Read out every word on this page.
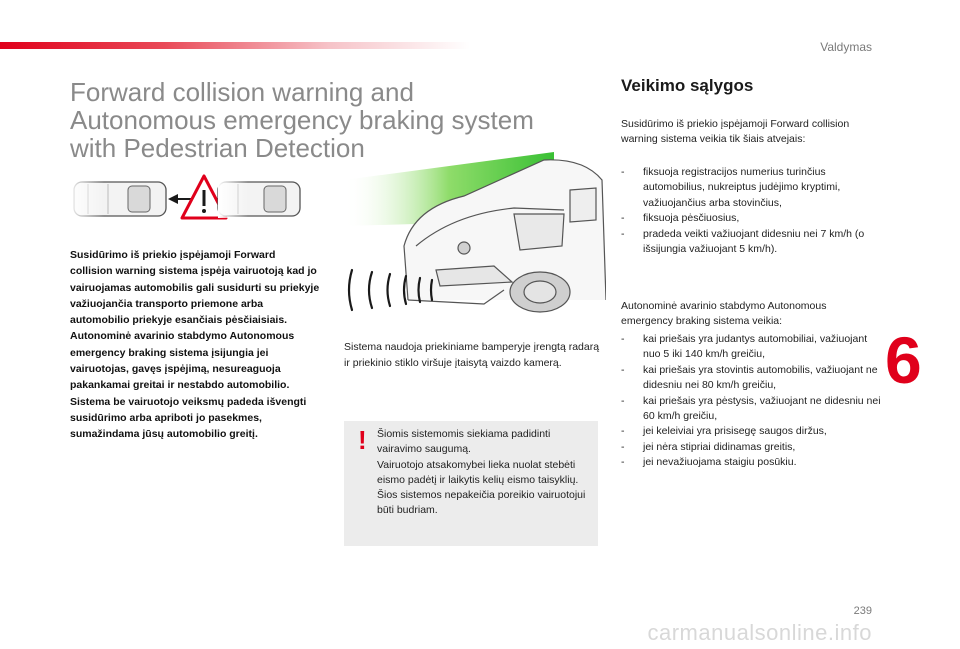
Valdymas
Forward collision warning and
Autonomous emergency braking system
with Pedestrian Detection

Susidūrimo iš priekio įspėjamoji Forward collision warning sistema įspėja vairuotoją kad jo vairuojamas automobilis gali susidurti su priekyje važiuojančia transporto priemone arba automobilio priekyje esančiais pėsčiaisiais.

Autonominė avarinio stabdymo Autonomous emergency braking sistema įsijungia jei vairuotojas, gavęs įspėjimą, nesureaguoja pakankamai greitai ir nestabdo automobilio.

Sistema be vairuotojo veiksmų padeda išvengti susidūrimo arba apriboti jo pasekmes, sumažindama jūsų automobilio greitį.

Sistema naudoja priekiniame bamperyje įrengtą radarą ir priekinio stiklo viršuje įtaisytą vaizdo kamerą.
! Šiomis sistemomis siekiama padidinti vairavimo saugumą.

Vairuotojo atsakomybei lieka nuolat stebėti eismo padėtį ir laikytis kelių eismo taisyklių.

Šios sistemos nepakeičia poreikio vairuotojui būti budriam.

Veikimo sąlygos

Susidūrimo iš priekio įspėjamoji Forward collision warning sistema veikia tik šiais atvejais:

- fiksuoja registracijos numerius turinčius automobilius, nukreiptus judėjimo kryptimi, važiuojančius arba stovinčius,
- fiksuoja pėsčiuosius,
- pradeda veikti važiuojant didesniu nei 7 km/h (o išsijungia važiuojant 5 km/h).

Autonominė avarinio stabdymo Autonomous emergency braking sistema veikia:

- kai priešais yra judantys automobiliai, važiuojant nuo 5 iki 140 km/h greičiu,
- kai priešais yra stovintis automobilis, važiuojant ne didesniu nei 80 km/h greičiu,
- kai priešais yra pėstysis, važiuojant ne didesniu nei 60 km/h greičiu,
- jei keleiviai yra prisisegę saugos diržus,
- jei nėra stipriai didinamas greitis,
- jei nevažiuojama staigiu posūkiu.
6
239
carmanualsonline.info
